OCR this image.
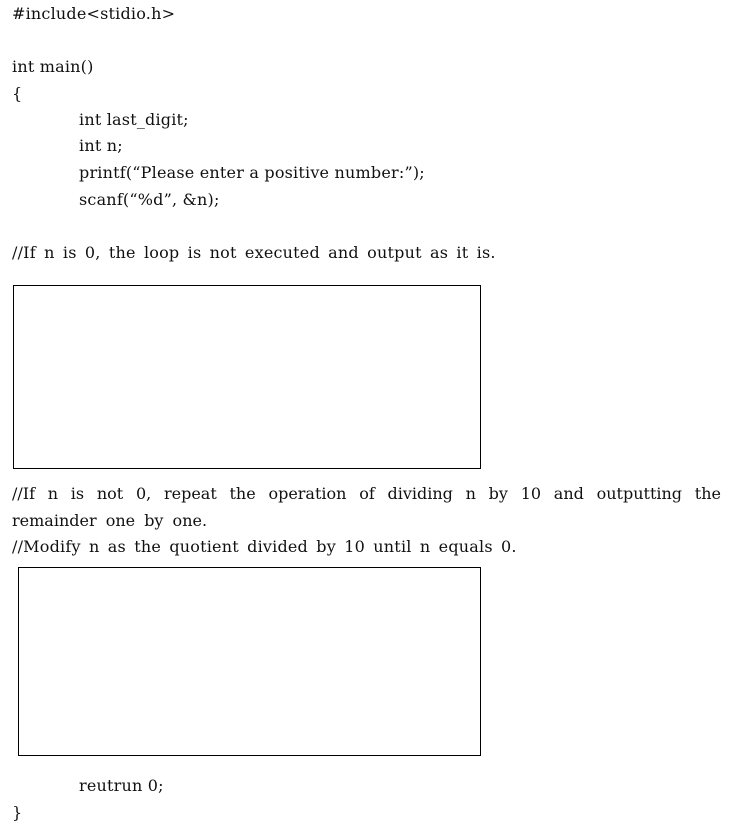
#include<stidio.h>
int main()
{
int last_digit;
int n;
printf(“Please enter a positive number:”);
scanf(“%d”, &n);
//If n is 0, the loop is not executed and output as it is.
//If n is not 0, repeat the operation of dividing n by 10 and outputting the
remainder one by one.
//Modify n as the quotient divided by 10 until n equals 0.
reutrun 0;
}
